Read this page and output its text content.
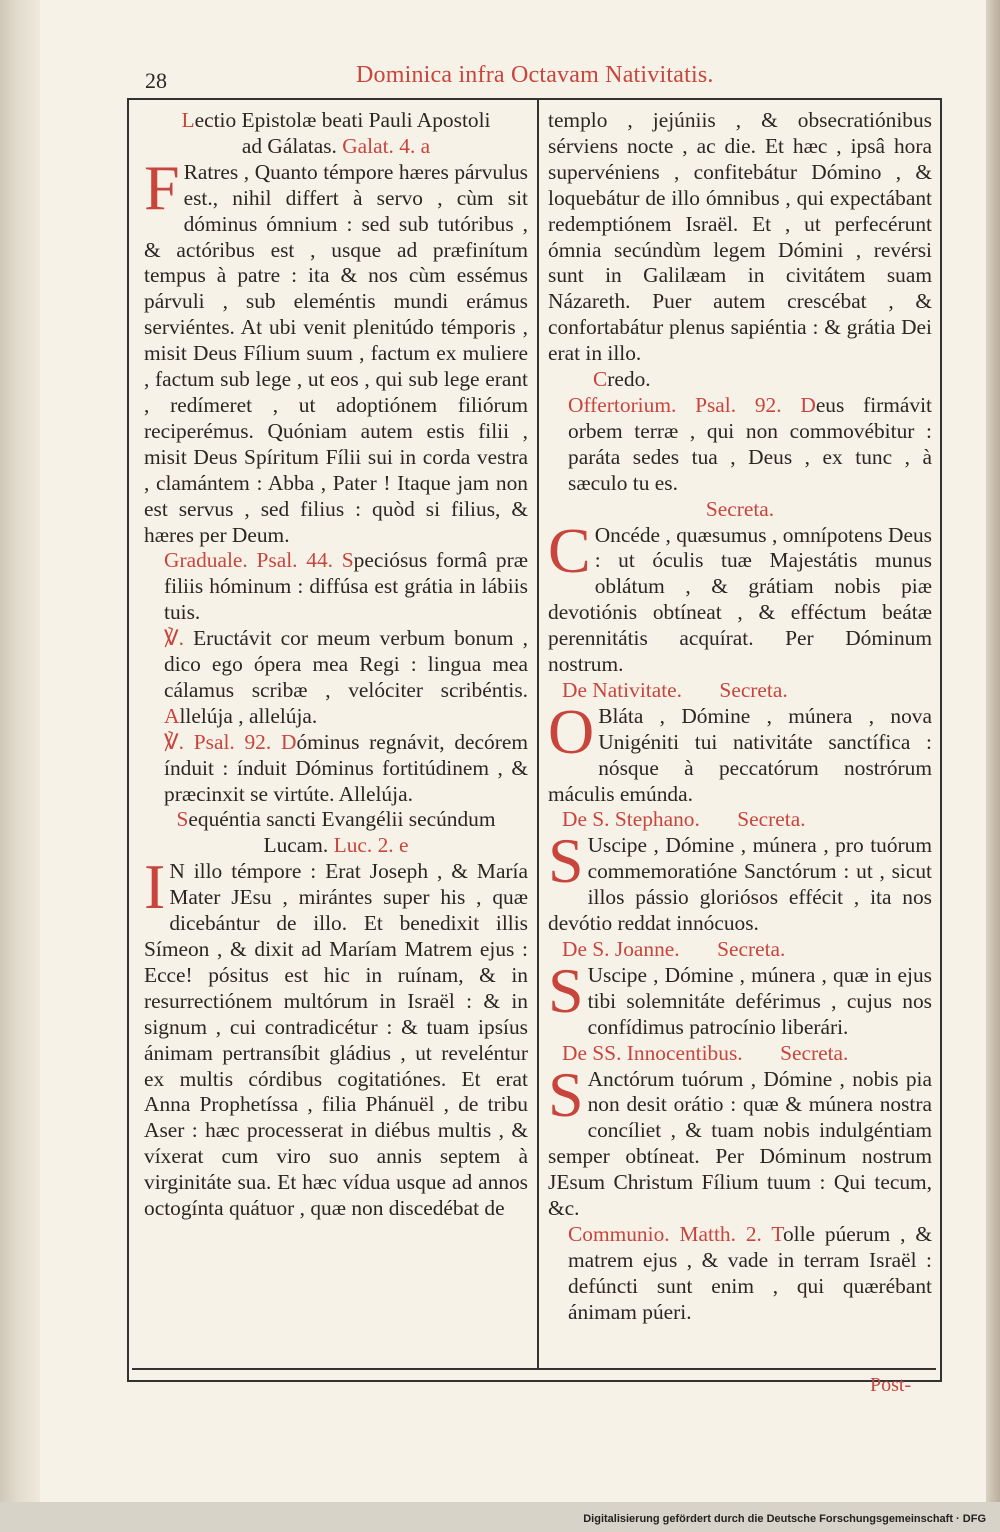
28	Dominica infra Octavam Nativitatis.

Lectio Epistolæ beati Pauli Apostoli
ad Gálatas. Galat. 4. a

F Ratres , Quanto témpore hæres párvulus est., nihil differt à servo , cùm sit dóminus ómnium : sed sub tutóribus , & actóribus est , usque ad præfinítum tempus à patre : ita & nos cùm essémus párvuli , sub eleméntis mundi erámus serviéntes. At ubi venit plenitúdo témporis , misit Deus Fílium suum , factum ex muliere , factum sub lege , ut eos , qui sub lege erant , redímeret , ut adoptiónem filiórum reciperémus. Quóniam autem estis filii , misit Deus Spíritum Fílii sui in corda vestra , clamántem : Abba , Pater ! Itaque jam non est servus , sed filius : quòd si filius, & hæres per Deum.

Graduale. Psal. 44. Speciósus formâ præ filiis hóminum : diffúsa est grátia in lábiis tuis.

℣. Eructávit cor meum verbum bonum , dico ego ópera mea Regi : lingua mea cálamus scribæ , velóciter scribéntis. Allelúja , allelúja.

℣. Psal. 92. Dóminus regnávit, decórem índuit : índuit Dóminus fortitúdinem , & præcinxit se virtúte. Allelúja.

Sequéntia sancti Evangélii secúndum
Lucam. Luc. 2. e

I N illo témpore : Erat Joseph , & María Mater JEsu , mirántes super his , quæ dicebántur de illo. Et benedixit illis Símeon , & dixit ad Maríam Matrem ejus : Ecce! pósitus est hic in ruínam, & in resurrectiónem multórum in Israël : & in signum , cui contradicétur : & tuam ipsíus ánimam pertransíbit gládius , ut reveléntur ex multis córdibus cogitatiónes. Et erat Anna Prophetíssa , filia Phánuël , de tribu Aser : hæc processerat in diébus multis , & víxerat cum viro suo annis septem à virginitáte sua. Et hæc vídua usque ad annos octogínta quátuor , quæ non discedébat de

templo , jejúniis , & obsecratiónibus sérviens nocte , ac die. Et hæc , ipsâ hora supervéniens , confitebátur Dómino , & loquebátur de illo ómnibus , qui expectábant redemptiónem Israël. Et , ut perfecérunt ómnia secúndùm legem Dómini , revérsi sunt in Galilæam in civitátem suam Názareth. Puer autem crescébat , & confortabátur plenus sapiéntia : & grátia Dei erat in illo.

Credo.

Offertorium. Psal. 92. Deus firmávit orbem terræ , qui non commovébitur : paráta sedes tua , Deus , ex tunc , à sæculo tu es.

Secreta.

C Oncéde , quæsumus , omnípotens Deus : ut óculis tuæ Majestátis munus oblátum , & grátiam nobis piæ devotiónis obtíneat , & efféctum beátæ perennitátis acquírat. Per Dóminum nostrum.

De Nativitate. Secreta.

O Bláta , Dómine , múnera , nova Unigéniti tui nativitáte sanctífica : nósque à peccatórum nostrórum máculis emúnda.

De S. Stephano. Secreta.

S Uscipe , Dómine , múnera , pro tuórum commemoratióne Sanctórum : ut , sicut illos pássio gloriósos effécit , ita nos devótio reddat innócuos.

De S. Joanne. Secreta.

S Uscipe , Dómine , múnera , quæ in ejus tibi solemnitáte deférimus , cujus nos confídimus patrocínio liberári.

De SS. Innocentibus. Secreta.

S Anctórum tuórum , Dómine , nobis pia non desit orátio : quæ & múnera nostra concíliet , & tuam nobis indulgéntiam semper obtíneat. Per Dóminum nostrum JEsum Christum Fílium tuum : Qui tecum, &c.

Communio. Matth. 2. Tolle púerum , & matrem ejus , & vade in terram Israël : defúncti sunt enim , qui quærébant ánimam púeri.

Post-
Digitalisierung gefördert durch die Deutsche Forschungsgemeinschaft · DFG
